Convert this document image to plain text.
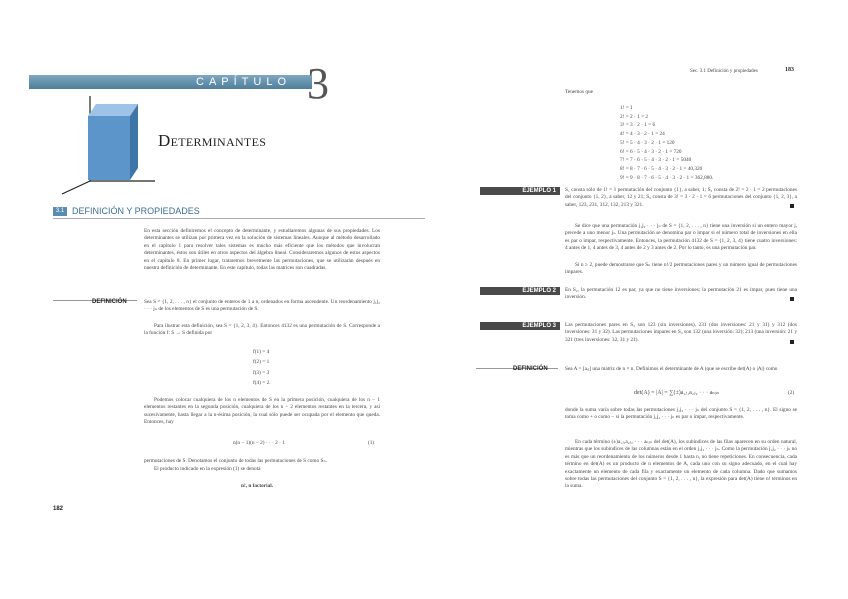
CAPÍTULO 3
Determinantes
3.1 DEFINICIÓN Y PROPIEDADES
En esta sección definiremos el concepto de determinante, y estudiaremos algunas de sus propiedades. Los determinantes se utilizan por primera vez en la solución de sistemas lineales. Aunque al método desarrollado en el capítulo 1 para resolver tales sistemas es mucho más eficiente que los métodos que involucran determinantes, éstos son útiles en otros aspectos del álgebra lineal. Consideraremos algunos de estos aspectos en el capítulo 8. En primer lugar, trataremos brevemente las permutaciones, que se utilizarán después en nuestra definición de determinante. En este capítulo, todas las matrices son cuadradas.
DEFINICIÓN	Sea S = {1, 2, . . . , n} el conjunto de enteros de 1 a n, ordenados en forma ascendente. Un reordenamiento j₁j₂ · · · jₙ de los elementos de S es una permutación de S.
Para ilustrar esta definición, sea S = {1, 2, 3, 4}. Entonces 4132 es una permutación de S. Corresponde a la función f: S → S definida por
f(1) = 4
f(2) = 1
f(3) = 3
f(4) = 2.
Podemos colocar cualquiera de los n elementos de S en la primera posición, cualquiera de los n − 1 elementos restantes en la segunda posición, cualquiera de los n − 2 elementos restantes en la tercera, y así sucesivamente, hasta llegar a la n-ésima posición, la cual sólo puede ser ocupada por el elemento que queda. Entonces, hay
n(n − 1)(n − 2) · · · 2 · 1	(1)
permutaciones de S. Denotamos el conjunto de todas las permutaciones de S como Sₙ.
El producto indicado en la expresión (1) se denota
n!, n factorial.
182
Sec. 3.1 Definición y propiedades	183
Tenemos que
1! = 1
2! = 2 · 1 = 2
3! = 3 · 2 · 1 = 6
4! = 4 · 3 · 2 · 1 = 24
5! = 5 · 4 · 3 · 2 · 1 = 120
6! = 6 · 5 · 4 · 3 · 2 · 1 = 720
7! = 7 · 6 · 5 · 4 · 3 · 2 · 1 = 5040
8! = 8 · 7 · 6 · 5 · 4 · 3 · 2 · 1 = 40,320
9! = 9 · 8 · 7 · 6 · 5 · 4 · 3 · 2 · 1 = 362,880.
EJEMPLO 1	S₁ consta sólo de 1! = 1 permutación del conjunto {1}, a saber, 1; S₂ consta de 2! = 2 · 1 = 2 permutaciones del conjunto {1, 2}, a saber, 12 y 21; S₃ consta de 3! = 3 · 2 · 1 = 6 permutaciones del conjunto {1, 2, 3}, a saber, 123, 231, 312, 132, 213 y 321.
Se dice que una permutación j₁j₂ · · · jₙ de S = {1, 2, . . . , n} tiene una inversión si un entero mayor jᵣ precede a uno menor jₛ. Una permutación se denomina par o impar si el número total de inversiones en ella es par o impar, respectivamente. Entonces, la permutación 4132 de S = {1, 2, 3, 4} tiene cuatro inversiones: 4 antes de 1, 4 antes de 3, 4 antes de 2 y 3 antes de 2. Por lo tanto, es una permutación par.
Si n ≥ 2, puede demostrarse que Sₙ tiene n!/2 permutaciones pares y un número igual de permutaciones impares.
EJEMPLO 2	En S₂, la permutación 12 es par, ya que no tiene inversiones; la permutación 21 es impar, pues tiene una inversión.
EJEMPLO 3	Las permutaciones pares en S₃ son 123 (sin inversiones), 231 (dos inversiones: 21 y 31) y 312 (dos inversiones: 31 y 32). Las permutaciones impares en S₃ son 132 (una inversión: 32); 213 (una inversión: 21 y 321 (tres inversiones: 32, 31 y 21).
DEFINICIÓN	Sea A = [aᵢⱼ] una matriz de n × n. Definimos el determinante de A (que se escribe det(A) o |A|) como
det(A) = |A| = ∑(±)a₁ⱼ₁a₂ⱼ₂ · · · aₙⱼₙ	(2)
donde la suma varía sobre todas las permutaciones j₁j₂ · · · jₙ del conjunto S = {1, 2, . . . , n}. El signo se toma como + o como − si la permutación j₁j₂ · · · jₙ es par o impar, respectivamente.
En cada término (±)a₁ⱼ₁a₂ⱼ₂ · · · aₙⱼₙ del det(A), los subíndices de las filas aparecen en su orden natural, mientras que los subíndices de las columnas están en el orden j₁j₂ · · · jₙ. Como la permutación j₁j₂ · · · jₙ no es más que un reordenamiento de los números desde 1 hasta n, no tiene repeticiones. En consecuencia, cada término en det(A) es un producto de n elementos de A, cada uno con su signo adecuado, en el cual hay exactamente un elemento de cada fila y exactamente un elemento de cada columna. Dado que sumamos sobre todas las permutaciones del conjunto S = {1, 2, . . . , n}, la expresión para det(A) tiene n! términos en la suma.
